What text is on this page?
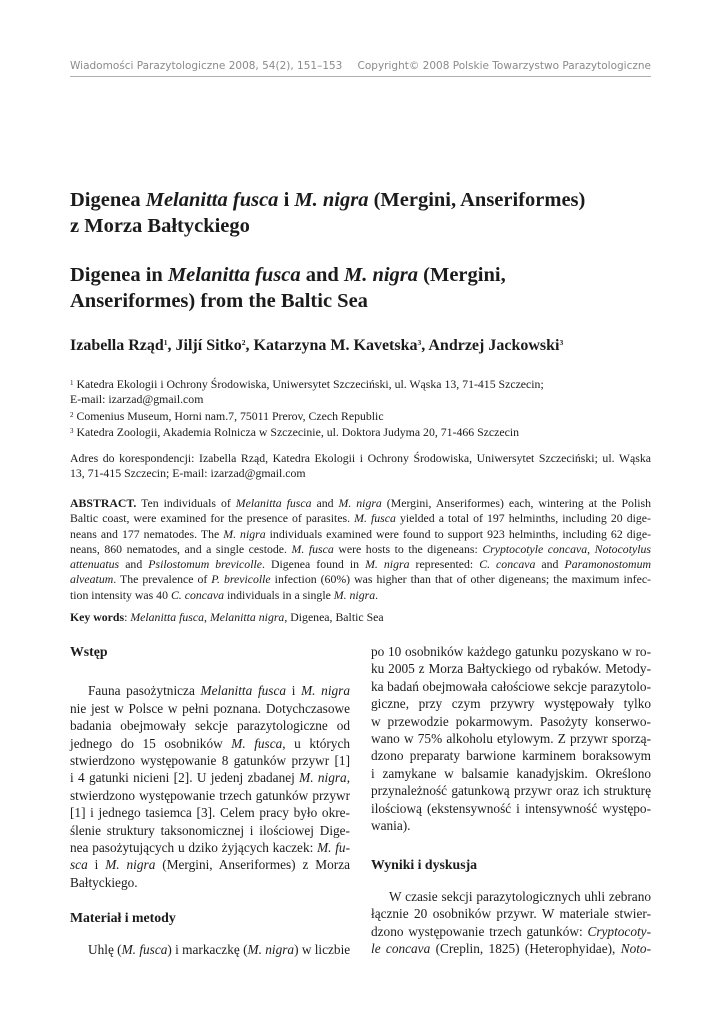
Wiadomości Parazytologiczne 2008, 54(2), 151–153 Copyright© 2008 Polskie Towarzystwo Parazytologiczne
Digenea Melanitta fusca i M. nigra (Mergini, Anseriformes)
z Morza Bałtyckiego
Digenea in Melanitta fusca and M. nigra (Mergini,
Anseriformes) from the Baltic Sea
Izabella Rząd$^1$, Jiljí Sitko$^2$, Katarzyna M. Kavetska$^3$, Andrzej Jackowski$^3$
$^1$ Katedra Ekologii i Ochrony Środowiska, Uniwersytet Szczeciński, ul. Wąska 13, 71-415 Szczecin;
E-mail: izarzad@gmail.com
$^2$ Comenius Museum, Horni nam.7, 75011 Prerov, Czech Republic
$^3$ Katedra Zoologii, Akademia Rolnicza w Szczecinie, ul. Doktora Judyma 20, 71-466 Szczecin
Adres do korespondencji: Izabella Rząd, Katedra Ekologii i Ochrony Środowiska, Uniwersytet Szczeciński; ul. Wąska
13, 71-415 Szczecin; E-mail: izarzad@gmail.com
ABSTRACT. Ten individuals of Melanitta fusca and M. nigra (Mergini, Anseriformes) each, wintering at the Polish
Baltic coast, were examined for the presence of parasites. M. fusca yielded a total of 197 helminths, including 20 dige-
neans and 177 nematodes. The M. nigra individuals examined were found to support 923 helminths, including 62 dige-
neans, 860 nematodes, and a single cestode. M. fusca were hosts to the digeneans: Cryptocotyle concava, Notocotylus
attenuatus and Psilostomum brevicolle. Digenea found in M. nigra represented: C. concava and Paramonostomum
alveatum. The prevalence of P. brevicolle infection (60%) was higher than that of other digeneans; the maximum infec-
tion intensity was 40 C. concava individuals in a single M. nigra.
Key words: Melanitta fusca, Melanitta nigra, Digenea, Baltic Sea
Wstęp
Fauna pasożytnicza Melanitta fusca i M. nigra
nie jest w Polsce w pełni poznana. Dotychczasowe
badania obejmowały sekcje parazytologiczne od
jednego do 15 osobników M. fusca, u których
stwierdzono występowanie 8 gatunków przywr [1]
i 4 gatunki nicieni [2]. U jedenj zbadanej M. nigra,
stwierdzono występowanie trzech gatunków przywr
[1] i jednego tasiemca [3]. Celem pracy było okre-
ślenie struktury taksonomicznej i ilościowej Dige-
nea pasożytujących u dziko żyjących kaczek: M. fu-
sca i M. nigra (Mergini, Anseriformes) z Morza
Bałtyckiego.
Materiał i metody
Uhlę (M. fusca) i markaczkę (M. nigra) w liczbie
po 10 osobników każdego gatunku pozyskano w ro-
ku 2005 z Morza Bałtyckiego od rybaków. Metody-
ka badań obejmowała całościowe sekcje parazytolo-
giczne, przy czym przywry występowały tylko
w przewodzie pokarmowym. Pasożyty konserwo-
wano w 75% alkoholu etylowym. Z przywr sporzą-
dzono preparaty barwione karminem boraksowym
i zamykane w balsamie kanadyjskim. Określono
przynależność gatunkową przywr oraz ich strukturę
ilościową (ekstensywność i intensywność występo-
wania).
Wyniki i dyskusja
W czasie sekcji parazytologicznych uhli zebrano
łącznie 20 osobników przywr. W materiale stwier-
dzono występowanie trzech gatunków: Cryptocoty-
le concava (Creplin, 1825) (Heterophyidae), Noto-
